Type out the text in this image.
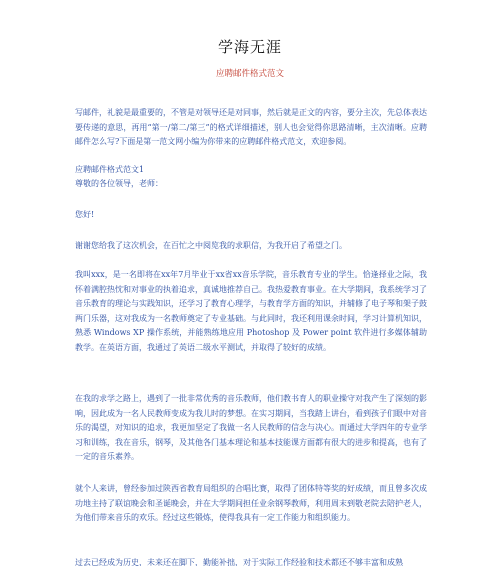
学海无涯
应聘邮件格式范文

写邮件，礼貌是最重要的，不管是对领导还是对同事，然后就是正文的内容，要分主次，先总体表达要传递的意思，再用“第一/第二/第三”的格式详细描述，别人也会觉得你思路清晰，主次清晰。应聘邮件怎么写?下面是第一范文网小编为你带来的应聘邮件格式范文，欢迎参阅。

应聘邮件格式范文1
尊敬的各位领导，老师：
您好!
谢谢您给我了这次机会，在百忙之中阅览我的求职信，为我开启了希望之门。

我叫xxx，是一名即将在xx年7月毕业于xx省xx音乐学院，音乐教育专业的学生。恰逢择业之际，我怀着满腔热忱和对事业的执着追求，真诚地推荐自己。我热爱教育事业。在大学期间，我系统学习了音乐教育的理论与实践知识，还学习了教育心理学，与教育学方面的知识，并辅修了电子琴和架子鼓两门乐器，这对我成为一名教师奠定了专业基础。与此同时，我还利用课余时间，学习计算机知识，熟悉 Windows XP 操作系统，并能熟练地应用 Photoshop 及 Power point 软件进行多媒体辅助教学。在英语方面，我通过了英语二级水平测试，并取得了较好的成绩。

在我的求学之路上，遇到了一批非常优秀的音乐教师，他们教书育人的职业操守对我产生了深刻的影响，因此成为一名人民教师变成为我儿时的梦想。在实习期间，当我踏上讲台，看到孩子们眼中对音乐的渴望，对知识的追求，我更加坚定了我做一名人民教师的信念与决心。而通过大学四年的专业学习和训练，我在音乐，钢琴，及其他各门基本理论和基本技能课方面都有很大的进步和提高，也有了一定的音乐素养。

就个人来讲，曾经参加过陕西省教育局组织的合唱比赛，取得了团体特等奖的好成绩，而且曾多次成功地主持了联谊晚会和圣诞晚会，并在大学期间担任业余钢琴教师，利用周末到敬老院去陪护老人，为他们带来音乐的欢乐。经过这些锻炼，使得我具有一定工作能力和组织能力。

过去已经成为历史，未来还在脚下，勤能补拙，对于实际工作经验和技术都还不够丰富和成熟
